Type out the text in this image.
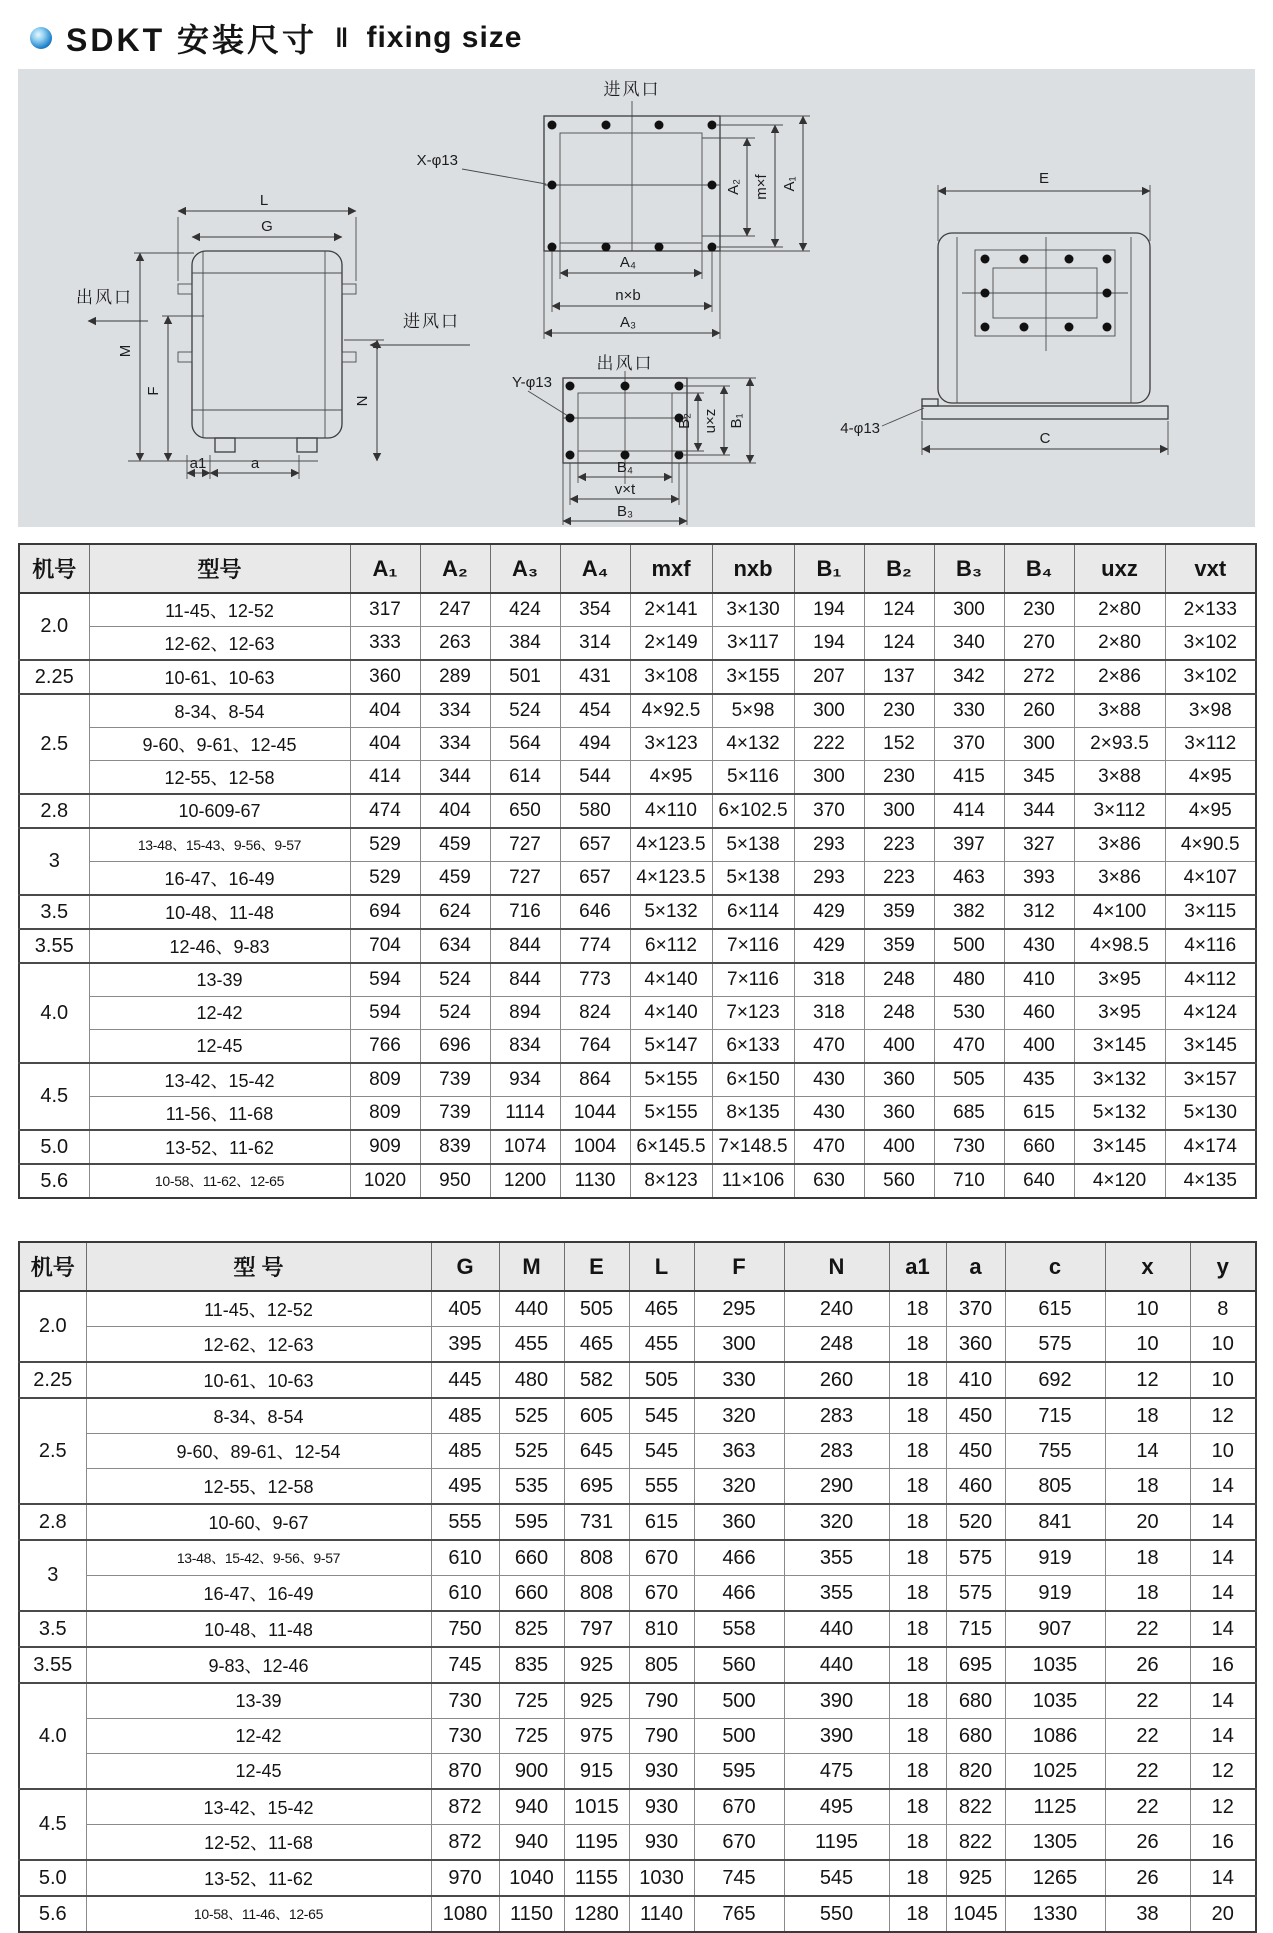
SDKT 安装尺寸 ‖ fixing size
L
G
M
F
出风口
N
进风口
a1	a
进风口
X-φ13
A₂ m×f A₁
A₄
n×b
A₃
出风口
Y-φ13
B₂ u×z B₁
B₄
v×t
B₃
E
4-φ13
C
机号	型号	A₁	A₂	A₃	A₄	mxf	nxb	B₁	B₂	B₃	B₄	uxz	vxt
2.0	11-45、12-52	317	247	424	354	2×141	3×130	194	124	300	230	2×80	2×133
	12-62、12-63	333	263	384	314	2×149	3×117	194	124	340	270	2×80	3×102
2.25	10-61、10-63	360	289	501	431	3×108	3×155	207	137	342	272	2×86	3×102
2.5	8-34、8-54	404	334	524	454	4×92.5	5×98	300	230	330	260	3×88	3×98
	9-60、9-61、12-45	404	334	564	494	3×123	4×132	222	152	370	300	2×93.5	3×112
	12-55、12-58	414	344	614	544	4×95	5×116	300	230	415	345	3×88	4×95
2.8	10-609-67	474	404	650	580	4×110	6×102.5	370	300	414	344	3×112	4×95
3	13-48、15-43、9-56、9-57	529	459	727	657	4×123.5	5×138	293	223	397	327	3×86	4×90.5
	16-47、16-49	529	459	727	657	4×123.5	5×138	293	223	463	393	3×86	4×107
3.5	10-48、11-48	694	624	716	646	5×132	6×114	429	359	382	312	4×100	3×115
3.55	12-46、9-83	704	634	844	774	6×112	7×116	429	359	500	430	4×98.5	4×116
4.0	13-39	594	524	844	773	4×140	7×116	318	248	480	410	3×95	4×112
	12-42	594	524	894	824	4×140	7×123	318	248	530	460	3×95	4×124
	12-45	766	696	834	764	5×147	6×133	470	400	470	400	3×145	3×145
4.5	13-42、15-42	809	739	934	864	5×155	6×150	430	360	505	435	3×132	3×157
	11-56、11-68	809	739	1114	1044	5×155	8×135	430	360	685	615	5×132	5×130
5.0	13-52、11-62	909	839	1074	1004	6×145.5	7×148.5	470	400	730	660	3×145	4×174
5.6	10-58、11-62、12-65	1020	950	1200	1130	8×123	11×106	630	560	710	640	4×120	4×135
机号	型 号	G	M	E	L	F	N	a1	a	c	x	y
2.0	11-45、12-52	405	440	505	465	295	240	18	370	615	10	8
	12-62、12-63	395	455	465	455	300	248	18	360	575	10	10
2.25	10-61、10-63	445	480	582	505	330	260	18	410	692	12	10
2.5	8-34、8-54	485	525	605	545	320	283	18	450	715	18	12
	9-60、89-61、12-54	485	525	645	545	363	283	18	450	755	14	10
	12-55、12-58	495	535	695	555	320	290	18	460	805	18	14
2.8	10-60、9-67	555	595	731	615	360	320	18	520	841	20	14
3	13-48、15-42、9-56、9-57	610	660	808	670	466	355	18	575	919	18	14
	16-47、16-49	610	660	808	670	466	355	18	575	919	18	14
3.5	10-48、11-48	750	825	797	810	558	440	18	715	907	22	14
3.55	9-83、12-46	745	835	925	805	560	440	18	695	1035	26	16
4.0	13-39	730	725	925	790	500	390	18	680	1035	22	14
	12-42	730	725	975	790	500	390	18	680	1086	22	14
	12-45	870	900	915	930	595	475	18	820	1025	22	12
4.5	13-42、15-42	872	940	1015	930	670	495	18	822	1125	22	12
	12-52、11-68	872	940	1195	930	670	1195	18	822	1305	26	16
5.0	13-52、11-62	970	1040	1155	1030	745	545	18	925	1265	26	14
5.6	10-58、11-46、12-65	1080	1150	1280	1140	765	550	18	1045	1330	38	20
